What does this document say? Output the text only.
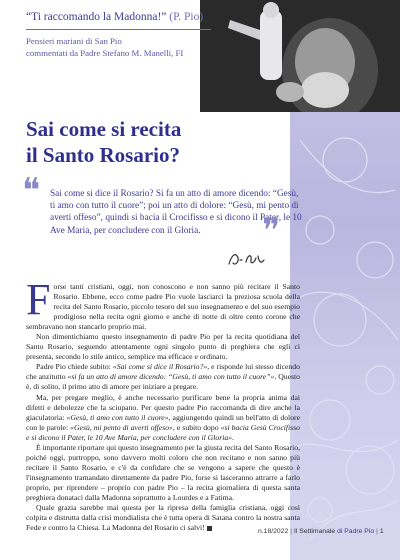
“Ti raccomando la Madonna!” (P. Pio)
Pensieri mariani di San Pio
commentati da Padre Stefano M. Manelli, FI
Sai come si recita
il Santo Rosario?
❝ Sai come si dice il Rosario? Si fa un atto di amore dicendo: “Gesù, ti amo con tutto il cuore”; poi un atto di dolore: “Gesù, mi pento di averti offeso”, quindi si bacia il Crocifisso e si dicono il Pater, le 10 Ave Maria, per concludere con il Gloria.	❞

Forse tanti cristiani, oggi, non conoscono e non sanno più recitare il Santo Rosario. Ebbene, ecco come padre Pio vuole lasciarci la preziosa scuola della recita del Santo Rosario, piccolo tesoro del suo insegnamento e del suo esempio prodigioso nella recita ogni giorno e anche di notte di oltre cento corone che sembravano non stancarlo proprio mai.

Non dimentichiamo questo insegnamento di padre Pio per la recita quotidiana del Santo Rosario, seguendo attentamente ogni singolo punto di preghiera che egli ci presenta, secondo lo stile antico, semplice ma efficace e ordinato.

Padre Pio chiede subito: «Sai come si dice il Rosario?», e risponde lui stesso dicendo che anzitutto «si fa un atto di amore dicendo: “Gesù, ti amo con tutto il cuore”». Questo è, di solito, il primo atto di amore per iniziare a pregare.

Ma, per pregare meglio, è anche necessario purificare bene la propria anima dai difetti e debolezze che la sciupano. Per questo padre Pio raccomanda di dire anche la giaculatoria: «Gesù, ti amo con tutto il cuore», aggiungendo quindi un bell'atto di dolore con le parole: «Gesù, mi pento di averti offeso», e subito dopo «si bacia Gesù Crocifisso e si dicono il Pater, le 10 Ave Maria, per concludere con il Gloria».

È importante riportare qui questo insegnamento per la giusta recita del Santo Rosario, poiché oggi, purtroppo, sono davvero molti coloro che non recitano e non sanno più recitare il Santo Rosario, e c'è da confidare che se vengono a sapere che questo è l'insegnamento tramandato direttamente da padre Pio, forse si lasceranno attrarre a farlo proprio, per riprendere – proprio con padre Pio – la recita giornaliera di questa santa preghiera donataci dalla Madonna soprattutto a Lourdes e a Fatima.

Quale grazia sarebbe mai questa per la ripresa della famiglia cristiana, oggi così colpita e distrutta dalla crisi mondialista che è tutta opera di Satana contro la nostra santa Fede e contro la Chiesa. La Madonna del Rosario ci salvi!	n.18/2022 | Il Settimanale di Padre Pio | 1
